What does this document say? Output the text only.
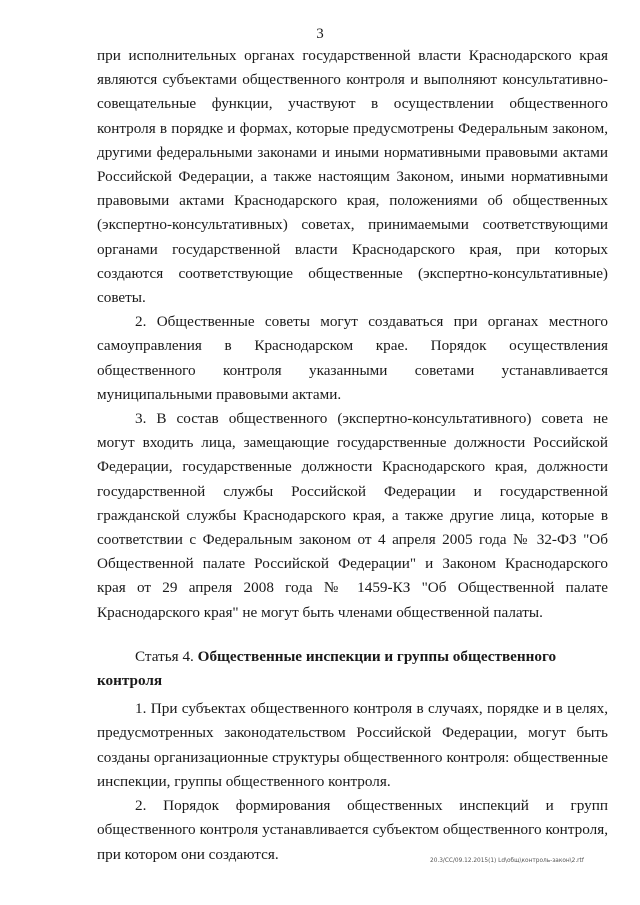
3

при исполнительных органах государственной власти Краснодарского края являются субъектами общественного контроля и выполняют консультативно-совещательные функции, участвуют в осуществлении общественного контроля в порядке и формах, которые предусмотрены Федеральным законом, другими федеральными законами и иными нормативными правовыми актами Российской Федерации, а также настоящим Законом, иными нормативными правовыми актами Краснодарского края, положениями об общественных (экспертно-консультативных) советах, принимаемыми соответствующими органами государственной власти Краснодарского края, при которых создаются соответствующие общественные (экспертно-консультативные) советы.

2. Общественные советы могут создаваться при органах местного самоуправления в Краснодарском крае. Порядок осуществления общественного контроля указанными советами устанавливается муниципальными правовыми актами.

3. В состав общественного (экспертно-консультативного) совета не могут входить лица, замещающие государственные должности Российской Федерации, государственные должности Краснодарского края, должности государственной службы Российской Федерации и государственной гражданской службы Краснодарского края, а также другие лица, которые в соответствии с Федеральным законом от 4 апреля 2005 года № 32-ФЗ "Об Общественной палате Российской Федерации" и Законом Краснодарского края от 29 апреля 2008 года № 1459-КЗ "Об Общественной палате Краснодарского края" не могут быть членами общественной палаты.

Статья 4. Общественные инспекции и группы общественного контроля

1. При субъектах общественного контроля в случаях, порядке и в целях, предусмотренных законодательством Российской Федерации, могут быть созданы организационные структуры общественного контроля: общественные инспекции, группы общественного контроля.

2. Порядок формирования общественных инспекций и групп общественного контроля устанавливается субъектом общественного контроля, при котором они создаются.	20.3/СС/09.12.2015(1) Ld\общ\контроль-закон\2.rtf
